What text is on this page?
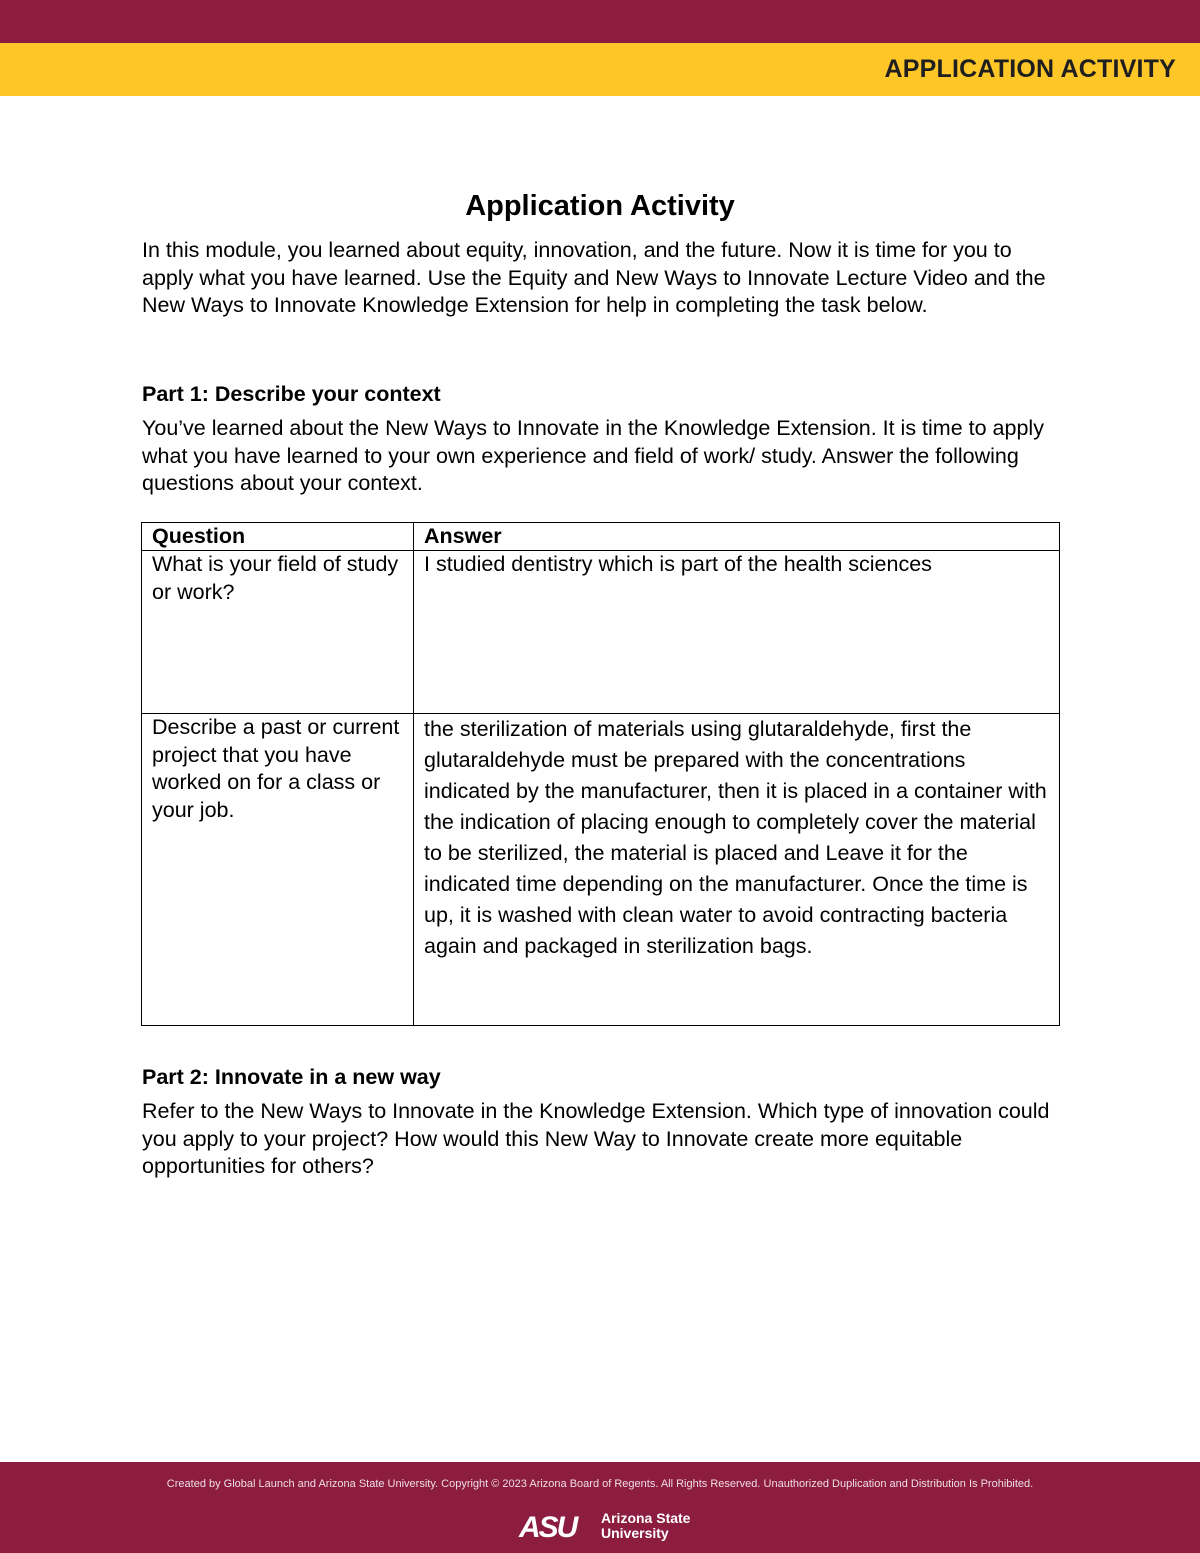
APPLICATION ACTIVITY
Application Activity
In this module, you learned about equity, innovation, and the future. Now it is time for you to apply what you have learned. Use the Equity and New Ways to Innovate Lecture Video and the New Ways to Innovate Knowledge Extension for help in completing the task below.
Part 1: Describe your context
You’ve learned about the New Ways to Innovate in the Knowledge Extension. It is time to apply what you have learned to your own experience and field of work/ study. Answer the following questions about your context.
Question	Answer
What is your field of study or work?	I studied dentistry which is part of the health sciences
Describe a past or current project that you have worked on for a class or your job.	the sterilization of materials using glutaraldehyde, first the glutaraldehyde must be prepared with the concentrations indicated by the manufacturer, then it is placed in a container with the indication of placing enough to completely cover the material to be sterilized, the material is placed and Leave it for the indicated time depending on the manufacturer. Once the time is up, it is washed with clean water to avoid contracting bacteria again and packaged in sterilization bags.
Part 2: Innovate in a new way
Refer to the New Ways to Innovate in the Knowledge Extension. Which type of innovation could you apply to your project? How would this New Way to Innovate create more equitable opportunities for others?
Created by Global Launch and Arizona State University. Copyright © 2023 Arizona Board of Regents. All Rights Reserved. Unauthorized Duplication and Distribution Is Prohibited.
ASU Arizona State
University
